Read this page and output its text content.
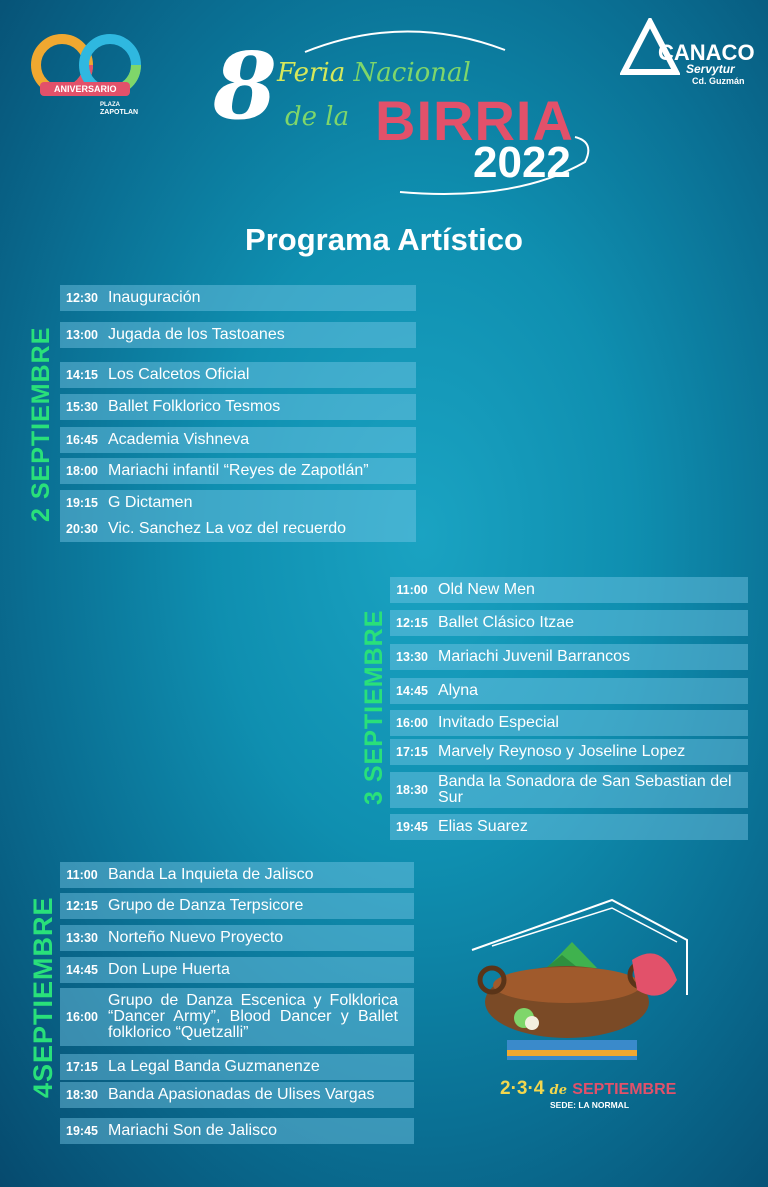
ANIVERSARIO
PLAZA
ZAPOTLAN 8 Feria Nacional
de la BIRRIA
2022
CANACO
Servytur
Cd. Guzmán
Programa Artístico
2 SEPTIEMBRE
12:30 Inauguración
13:00 Jugada de los Tastoanes
14:15 Los Calcetos Oficial
15:30 Ballet Folklorico Tesmos
16:45 Academia Vishneva
18:00 Mariachi infantil “Reyes de Zapotlán”
19:15 G Dictamen
20:30 Vic. Sanchez La voz del recuerdo
3 SEPTIEMBRE
11:00 Old New Men
12:15 Ballet Clásico Itzae
13:30 Mariachi Juvenil Barrancos
14:45 Alyna
16:00 Invitado Especial
17:15 Marvely Reynoso y Joseline Lopez
18:30 Banda la Sonadora de San Sebastian del Sur
19:45 Elias Suarez
4SEPTIEMBRE
11:00 Banda La Inquieta de Jalisco
12:15 Grupo de Danza Terpsicore
13:30 Norteño Nuevo Proyecto
14:45 Don Lupe Huerta
16:00
Grupo de Danza Escenica y Folklorica “Dancer Army”, Blood Dancer y Ballet folklorico “Quetzalli”
17:15 La Legal Banda Guzmanenze
18:30 Banda Apasionadas de Ulises Vargas
19:45 Mariachi Son de Jalisco
2·3·4 de SEPTIEMBRE
SEDE: LA NORMAL
